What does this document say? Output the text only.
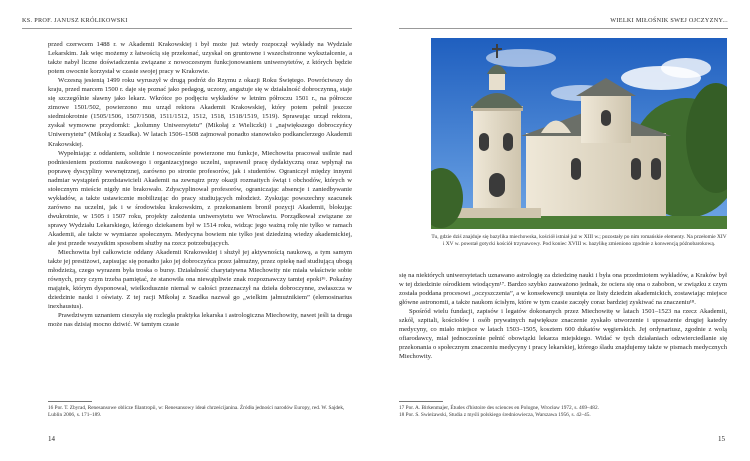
KS. PROF. JANUSZ KRÓLIKOWSKI

przed czerwcem 1488 r. w Akademii Krakowskiej i był może już wtedy rozpoczął wykłady na Wydziale Lekarskim. Jak więc możemy z łatwością się przekonać, uzyskał on gruntowne i wszechstronne wykształcenie, a także nabył liczne doświadczenia związane z nowoczesnym funkcjonowaniem uniwersytetów, z których będzie potem owocnie korzystał w czasie swojej pracy w Krakowie.

Wczesną jesienią 1499 roku wyruszył w drugą podróż do Rzymu z okazji Roku Świętego. Powróciwszy do kraju, przed marcem 1500 r. daje się poznać jako pedagog, uczony, angażuje się w działalność dobroczynną, staje się szczególnie sławny jako lekarz. Wkrótce po podjęciu wykładów w letnim półroczu 1501 r., na półrocze zimowe 1501/502, powierzono mu urząd rektora Akademii Krakowskiej, który potem pełnił jeszcze siedmiokrotnie (1505/1506, 1507/1508, 1511/1512, 1512, 1518, 1518/1519, 1519). Sprawując urząd rektora, zyskał wymowne przydomki: „kolumny Uniwersytetu” (Mikołaj z Wieliczki) i „największego dobroczyńcy Uniwersytetu” (Mikołaj z Szadka). W latach 1506–1508 zajmował ponadto stanowisko podkanclerzego Akademii Krakowskiej.

Wypełniając z oddaniem, solidnie i nowocześnie powierzone mu funkcje, Miechowita pracował usilnie nad podniesieniem poziomu naukowego i organizacyjnego uczelni, usprawnił pracę dydaktyczną oraz wpłynął na poprawę dyscypliny wewnętrznej, zarówno po stronie profesorów, jak i studentów. Ograniczył między innymi nadmiar wystąpień przedstawicieli Akademii na zewnątrz przy okazji rozmaitych świąt i obchodów, których w stołecznym mieście nigdy nie brakowało. Zdyscyplinował profesorów, ograniczając absencje i zaniedbywanie wykładów, a także ustawicznie mobilizując do pracy studiujących młodzież. Zyskując powszechny szacunek zarówno na uczelni, jak i w środowisku krakowskim, z przekonaniem bronił pozycji Akademii, blokując dwukrotnie, w 1505 i 1507 roku, projekty założenia uniwersytetu we Wrocławiu. Porządkował związane ze sprawy Wydziału Lekarskiego, którego dziekanem był w 1514 roku, widząc jego ważną rolę nie tylko w ramach Akademii, ale także w wymiarze społecznym. Medycyna bowiem nie tylko jest dziedziną wiedzy akademickiej, ale jest przede wszystkim sposobem służby na rzecz potrzebujących.

Miechowita był całkowicie oddany Akademii Krakowskiej i służył jej aktywnością naukową, a tym samym także jej prestiżowi, zapisując się ponadto jako jej dobroczyńca przez jałmużny, przez opiekę nad studiującą ubogą młodzieżą, czego wyrazem była troska o bursy. Działalność charytatywna Miechowity nie miała właściwie sobie równych, przy czym trzeba pamiętać, że stanowiła ona niewątpliwie znak rozpoznawczy tamtej epoki¹⁶. Pokaźny majątek, którym dysponował, wielkodusznie niemal w całości przeznaczył na dzieła dobroczynne, zwłaszcza w dziedzinie nauki i oświaty. Z tej racji Mikołaj z Szadka nazwał go „wielkim jałmużnikiem” (elemosinarius inexhaustus).

Prawdziwym uznaniem cieszyła się rozległa praktyka lekarska i astrologiczna Miechowity, nawet jeśli ta druga może nas dzisiaj mocno dziwić. W tamtym czasie

16 Por. T. Zbyrad, Renesansowe oblicze filantropii, w: Renesansowy ideał chrześcijanina. Źródła jedności narodów Europy, red. W. Sajdek, Lublin 2006, s. 171–189.
14
WIELKI MIŁOŚNIK SWEJ OJCZYZNY...
Tu, gdzie dziś znajduje się bazylika miechowska, kościół istniał już w XIII w.; pozostały po nim romańskie elementy. Na przełomie XIV i XV w. powstał gotycki kościół trzynawowy. Pod koniec XVIII w. bazylikę zmieniono zgodnie z konwencją późnobarokową.

się na niektórych uniwersytetach uznawano astrologię za dziedzinę nauki i była ona przedmiotem wykładów, a Kraków był w tej dziedzinie ośrodkiem wiodącym¹⁷. Bardzo szybko zauważono jednak, że ociera się ona o zabobon, w związku z czym została poddana procesowi „oczyszczenia”, a w konsekwencji usunięta ze listy dziedzin akademickich, zostawiając miejsce główne astronomii, a także naukom ścisłym, które w tym czasie zaczęły coraz bardziej zyskiwać na znaczeniu¹⁸.

Spośród wielu fundacji, zapisów i legatów dokonanych przez Miechowitę w latach 1501–1523 na rzecz Akademii, szkół, szpitali, kościołów i osób prywatnych największe znaczenie zyskało utworzenie i uposażenie drugiej katedry medycyny, co miało miejsce w latach 1503–1505, kosztem 600 dukatów węgierskich. Jej ordynariusz, zgodnie z wolą ofiarodawcy, miał jednocześnie pełnić obowiązki lekarza miejskiego. Widać w tych działaniach odzwierciedlanie się przekonania o społecznym znaczeniu medycyny i pracy lekarskiej, którego śladu znajdujemy także w pismach medycznych Miechowity.

17 Por. A. Birkenmajer, Études d'histoire des sciences en Pologne, Wrocław 1972, s. 469–482.
18 Por. S. Swieżawski, Studia z myśli polskiego średniowiecza, Warszawa 1956, s. 42–45.
15
